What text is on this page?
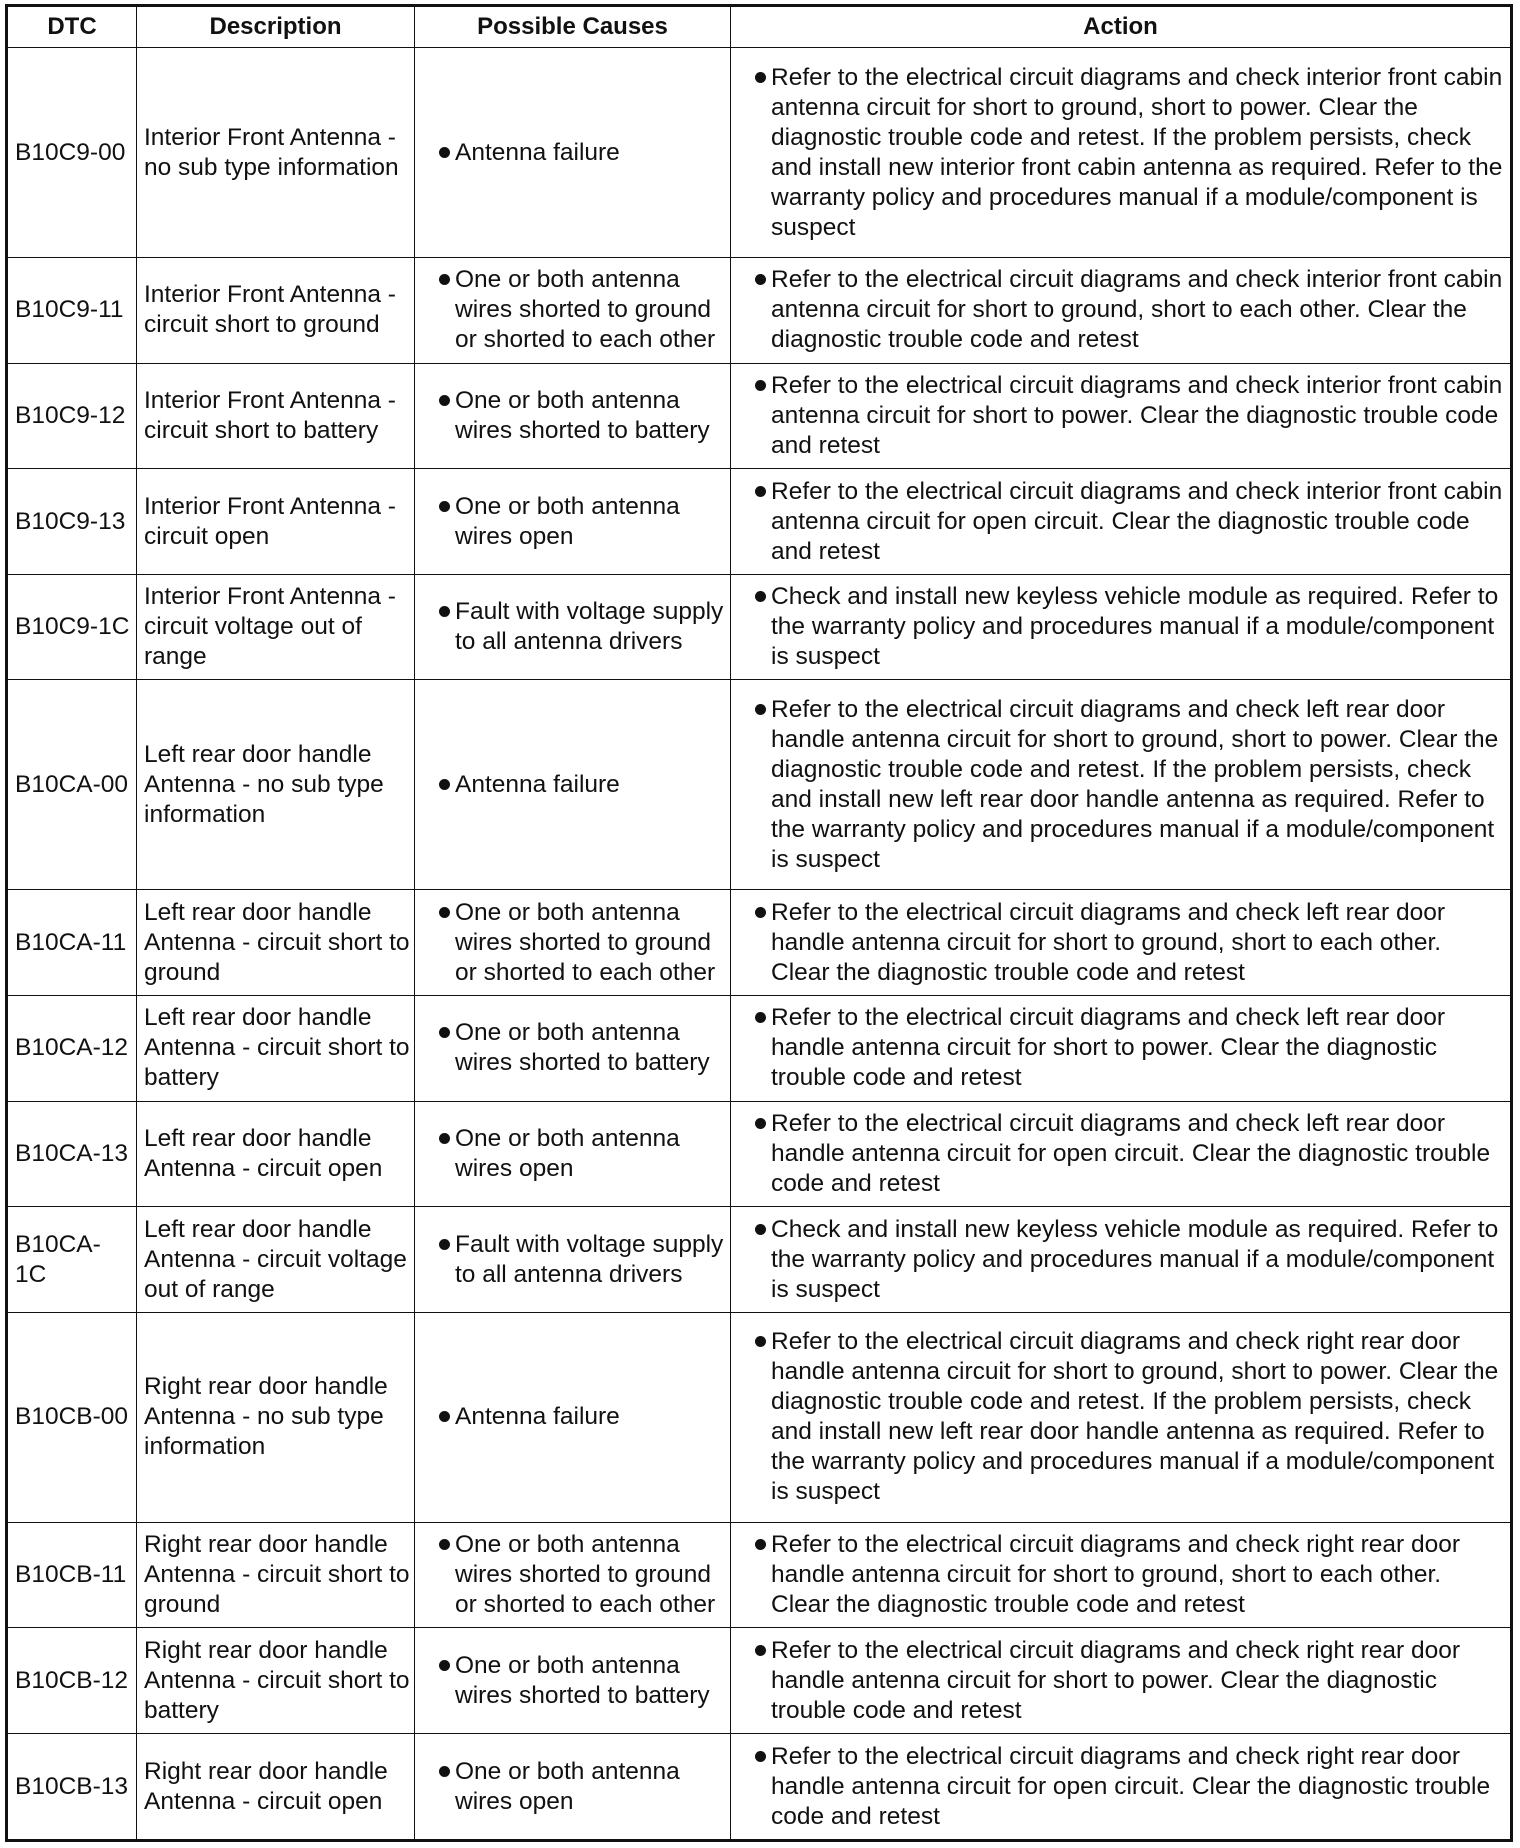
DTC	Description	Possible Causes	Action
B10C9-00	Interior Front Antenna - no sub type information	Antenna failure	Refer to the electrical circuit diagrams and check interior front cabin antenna circuit for short to ground, short to power. Clear the diagnostic trouble code and retest. If the problem persists, check and install new interior front cabin antenna as required. Refer to the warranty policy and procedures manual if a module/component is suspect

B10C9-11	Interior Front Antenna - circuit short to ground	One or both antenna wires shorted to ground or shorted to each other	Refer to the electrical circuit diagrams and check interior front cabin antenna circuit for short to ground, short to each other. Clear the diagnostic trouble code and retest

B10C9-12	Interior Front Antenna - circuit short to battery	One or both antenna wires shorted to battery	Refer to the electrical circuit diagrams and check interior front cabin antenna circuit for short to power. Clear the diagnostic trouble code and retest

B10C9-13	Interior Front Antenna - circuit open	One or both antenna wires open	Refer to the electrical circuit diagrams and check interior front cabin antenna circuit for open circuit. Clear the diagnostic trouble code and retest

B10C9-1C	Interior Front Antenna - circuit voltage out of range	Fault with voltage supply to all antenna drivers	Check and install new keyless vehicle module as required. Refer to the warranty policy and procedures manual if a module/component is suspect

B10CA-00	Left rear door handle Antenna - no sub type information	Antenna failure	Refer to the electrical circuit diagrams and check left rear door handle antenna circuit for short to ground, short to power. Clear the diagnostic trouble code and retest. If the problem persists, check and install new left rear door handle antenna as required. Refer to the warranty policy and procedures manual if a module/component is suspect

B10CA-11	Left rear door handle Antenna - circuit short to ground	One or both antenna wires shorted to ground or shorted to each other	Refer to the electrical circuit diagrams and check left rear door handle antenna circuit for short to ground, short to each other. Clear the diagnostic trouble code and retest

B10CA-12	Left rear door handle Antenna - circuit short to battery	One or both antenna wires shorted to battery	Refer to the electrical circuit diagrams and check left rear door handle antenna circuit for short to power. Clear the diagnostic trouble code and retest

B10CA-13	Left rear door handle Antenna - circuit open	One or both antenna wires open	Refer to the electrical circuit diagrams and check left rear door handle antenna circuit for open circuit. Clear the diagnostic trouble code and retest

B10CA-1C	Left rear door handle Antenna - circuit voltage out of range	Fault with voltage supply to all antenna drivers	Check and install new keyless vehicle module as required. Refer to the warranty policy and procedures manual if a module/component is suspect

B10CB-00	Right rear door handle Antenna - no sub type information	Antenna failure	Refer to the electrical circuit diagrams and check right rear door handle antenna circuit for short to ground, short to power. Clear the diagnostic trouble code and retest. If the problem persists, check and install new left rear door handle antenna as required. Refer to the warranty policy and procedures manual if a module/component is suspect

B10CB-11	Right rear door handle Antenna - circuit short to ground	One or both antenna wires shorted to ground or shorted to each other	Refer to the electrical circuit diagrams and check right rear door handle antenna circuit for short to ground, short to each other. Clear the diagnostic trouble code and retest

B10CB-12	Right rear door handle Antenna - circuit short to battery	One or both antenna wires shorted to battery	Refer to the electrical circuit diagrams and check right rear door handle antenna circuit for short to power. Clear the diagnostic trouble code and retest

B10CB-13	Right rear door handle Antenna - circuit open	One or both antenna wires open	Refer to the electrical circuit diagrams and check right rear door handle antenna circuit for open circuit. Clear the diagnostic trouble code and retest
